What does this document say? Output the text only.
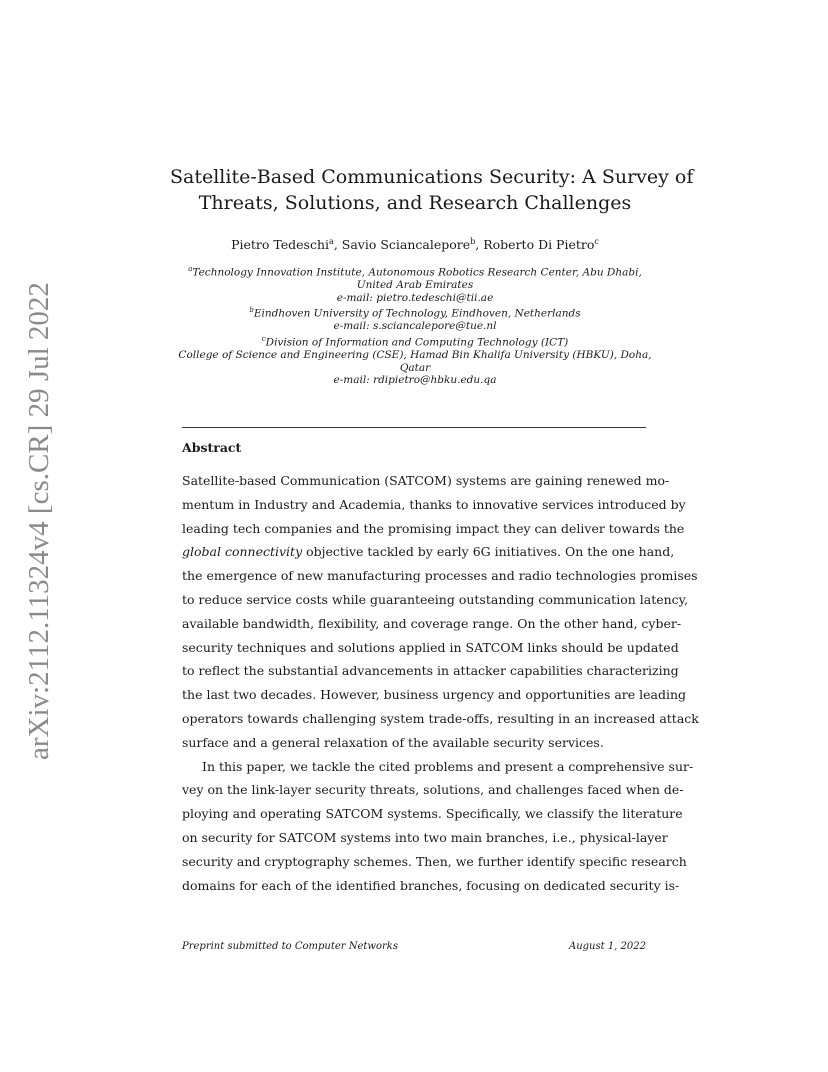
arXiv:2112.11324v4 [cs.CR] 29 Jul 2022
Satellite-Based Communications Security: A Survey of
Threats, Solutions, and Research Challenges
Pietro Tedeschi$^a$, Savio Sciancalepore$^b$, Roberto Di Pietro$^c$
$^a$Technology Innovation Institute, Autonomous Robotics Research Center, Abu Dhabi,
United Arab Emirates
e-mail: pietro.tedeschi@tii.ae
$^b$Eindhoven University of Technology, Eindhoven, Netherlands
e-mail: s.sciancalepore@tue.nl
$^c$Division of Information and Computing Technology (ICT)
College of Science and Engineering (CSE), Hamad Bin Khalifa University (HBKU), Doha,
Qatar
e-mail: rdipietro@hbku.edu.qa
Abstract
Satellite-based Communication (SATCOM) systems are gaining renewed mo-
mentum in Industry and Academia, thanks to innovative services introduced by
leading tech companies and the promising impact they can deliver towards the
global connectivity objective tackled by early 6G initiatives. On the one hand,
the emergence of new manufacturing processes and radio technologies promises
to reduce service costs while guaranteeing outstanding communication latency,
available bandwidth, flexibility, and coverage range. On the other hand, cyber-
security techniques and solutions applied in SATCOM links should be updated
to reflect the substantial advancements in attacker capabilities characterizing
the last two decades. However, business urgency and opportunities are leading
operators towards challenging system trade-offs, resulting in an increased attack
surface and a general relaxation of the available security services.
In this paper, we tackle the cited problems and present a comprehensive sur-
vey on the link-layer security threats, solutions, and challenges faced when de-
ploying and operating SATCOM systems. Specifically, we classify the literature
on security for SATCOM systems into two main branches, i.e., physical-layer
security and cryptography schemes. Then, we further identify specific research
domains for each of the identified branches, focusing on dedicated security is-
Preprint submitted to Computer Networks	August 1, 2022
